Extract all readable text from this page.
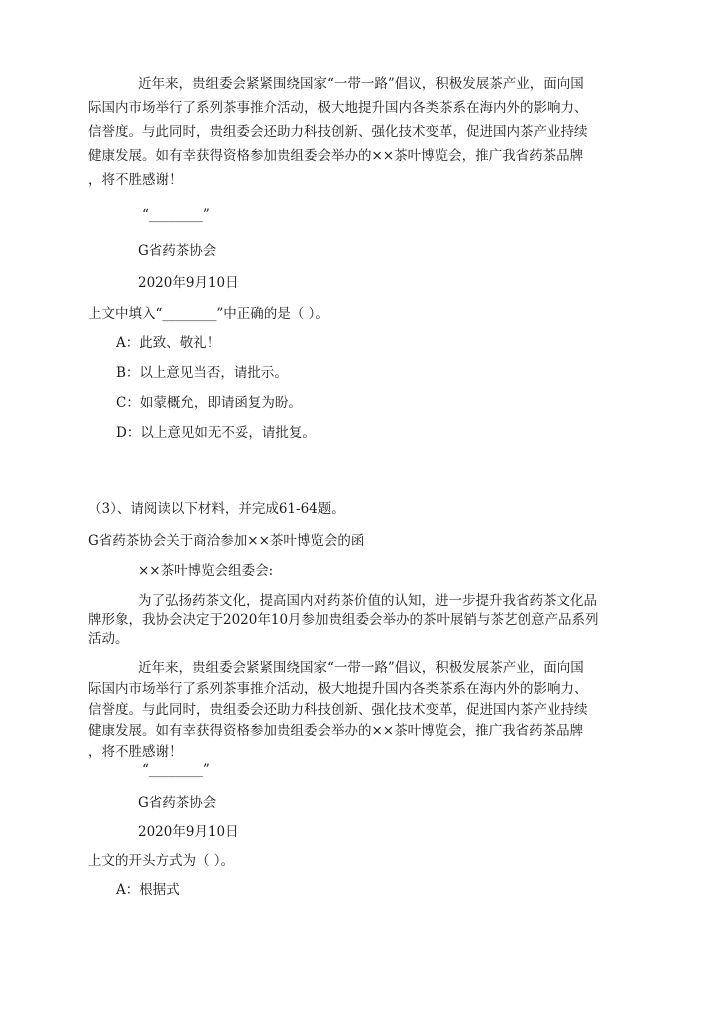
近年来，贵组委会紧紧围绕国家“一带一路”倡议，积极发展茶产业，面向国
际国内市场举行了系列茶事推介活动，极大地提升国内各类茶系在海内外的影响力、
信誉度。与此同时，贵组委会还助力科技创新、强化技术变革，促进国内茶产业持续
健康发展。如有幸获得资格参加贵组委会举办的××茶叶博览会，推广我省药茶品牌
，将不胜感谢！
“________”
G省药茶协会
2020年9月10日
上文中填入“________”中正确的是（ ）。
A：此致、敬礼！
B：以上意见当否，请批示。
C：如蒙概允，即请函复为盼。
D：以上意见如无不妥，请批复。
（3）、请阅读以下材料，并完成61-64题。
G省药茶协会关于商洽参加××茶叶博览会的函
××茶叶博览会组委会:
为了弘扬药茶文化，提高国内对药茶价值的认知，进一步提升我省药茶文化品
牌形象，我协会决定于2020年10月参加贵组委会举办的茶叶展销与茶艺创意产品系列
活动。
近年来，贵组委会紧紧围绕国家“一带一路”倡议，积极发展茶产业，面向国
际国内市场举行了系列茶事推介活动，极大地提升国内各类茶系在海内外的影响力、
信誉度。与此同时，贵组委会还助力科技创新、强化技术变革，促进国内茶产业持续
健康发展。如有幸获得资格参加贵组委会举办的××茶叶博览会，推广我省药茶品牌
，将不胜感谢！
“________”
G省药茶协会
2020年9月10日
上文的开头方式为（ ）。
A：根据式
